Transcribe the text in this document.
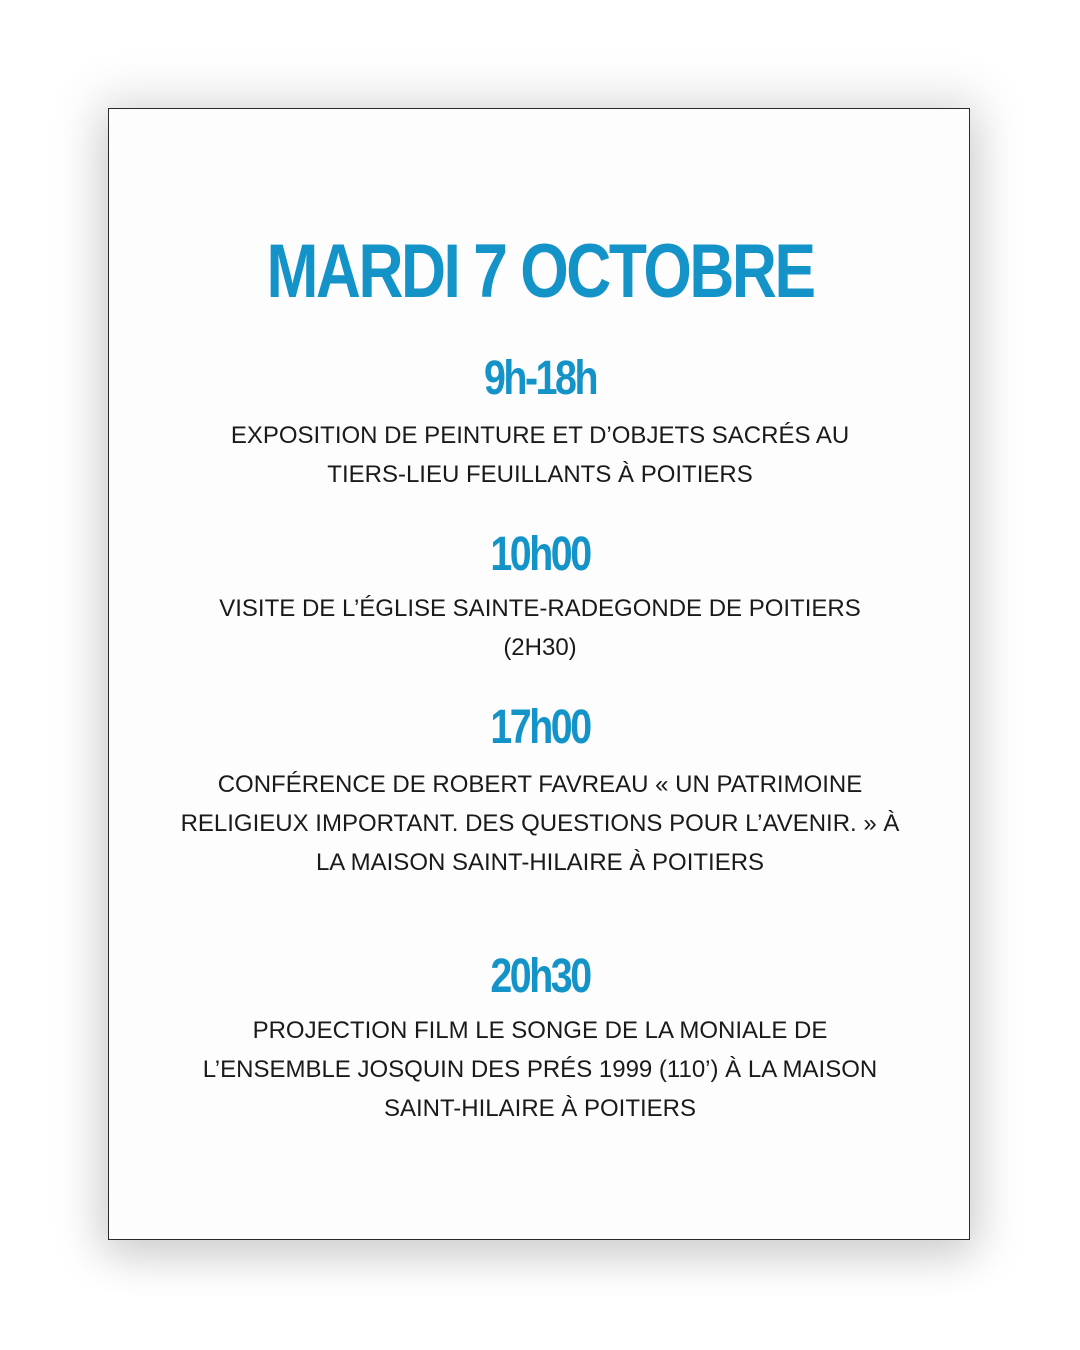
MARDI 7 OCTOBRE
9h-18h
EXPOSITION DE PEINTURE ET D’OBJETS SACRÉS AU
TIERS-LIEU FEUILLANTS À POITIERS
10h00
VISITE DE L’ÉGLISE SAINTE-RADEGONDE DE POITIERS
(2H30)
17h00
CONFÉRENCE DE ROBERT FAVREAU « UN PATRIMOINE
RELIGIEUX IMPORTANT. DES QUESTIONS POUR L’AVENIR. » À
LA MAISON SAINT-HILAIRE À POITIERS
20h30
PROJECTION FILM LE SONGE DE LA MONIALE DE
L’ENSEMBLE JOSQUIN DES PRÉS 1999 (110’) À LA MAISON
SAINT-HILAIRE À POITIERS
